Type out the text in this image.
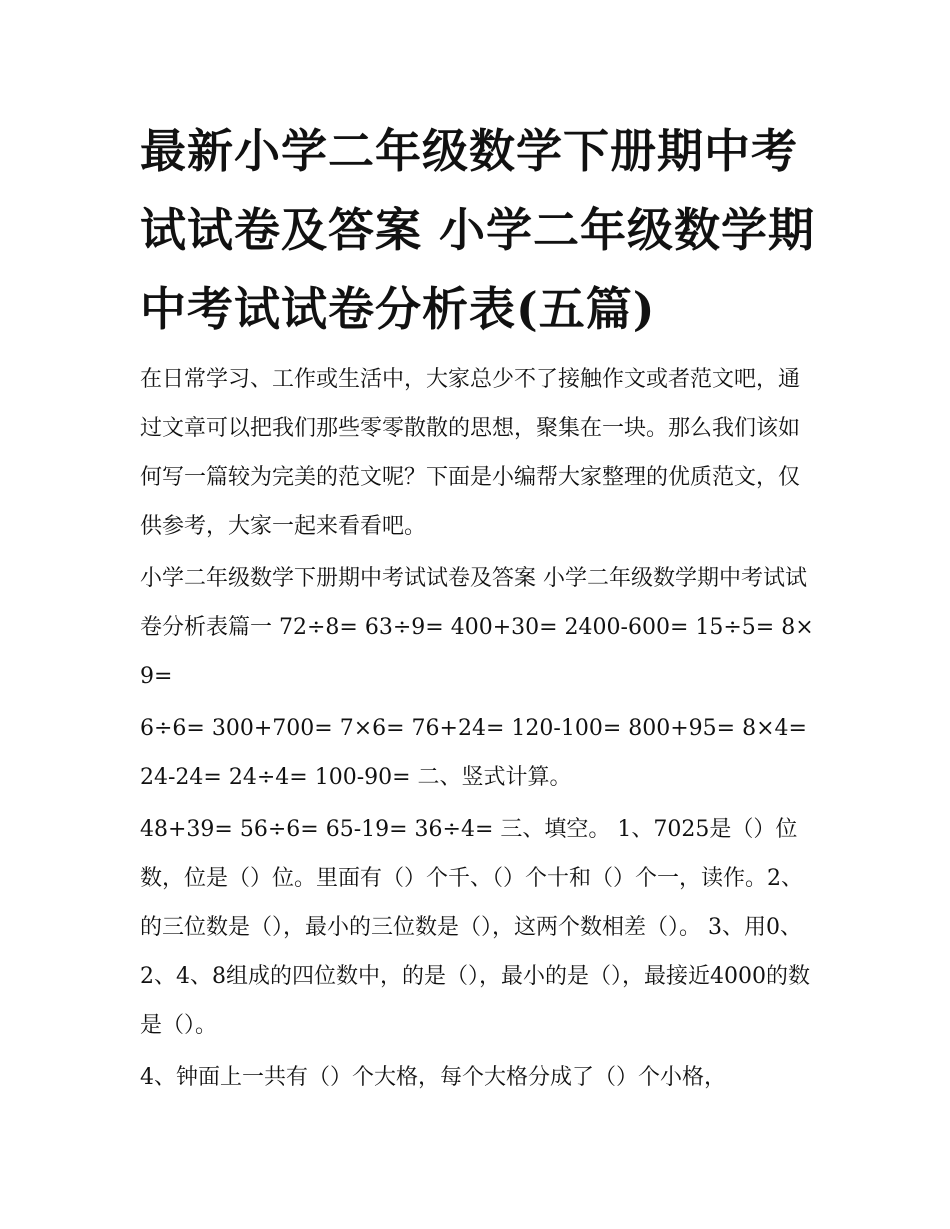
最新小学二年级数学下册期中考试试卷及答案 小学二年级数学期中考试试卷分析表(五篇)

在日常学习、工作或生活中，大家总少不了接触作文或者范文吧，通过文章可以把我们那些零零散散的思想，聚集在一块。那么我们该如何写一篇较为完美的范文呢？下面是小编帮大家整理的优质范文，仅供参考，大家一起来看看吧。

小学二年级数学下册期中考试试卷及答案 小学二年级数学期中考试试卷分析表篇一 72÷8= 63÷9= 400+30= 2400-600= 15÷5= 8×9=

6÷6= 300+700= 7×6= 76+24= 120-100= 800+95= 8×4= 24-24= 24÷4= 100-90= 二、竖式计算。

48+39= 56÷6= 65-19= 36÷4= 三、填空。 1、7025是（）位数，位是（）位。里面有（）个千、（）个十和（）个一，读作。2、的三位数是（），最小的三位数是（），这两个数相差（）。 3、用0、2、4、8组成的四位数中，的是（），最小的是（），最接近4000的数是（）。

4、钟面上一共有（）个大格，每个大格分成了（）个小格，
